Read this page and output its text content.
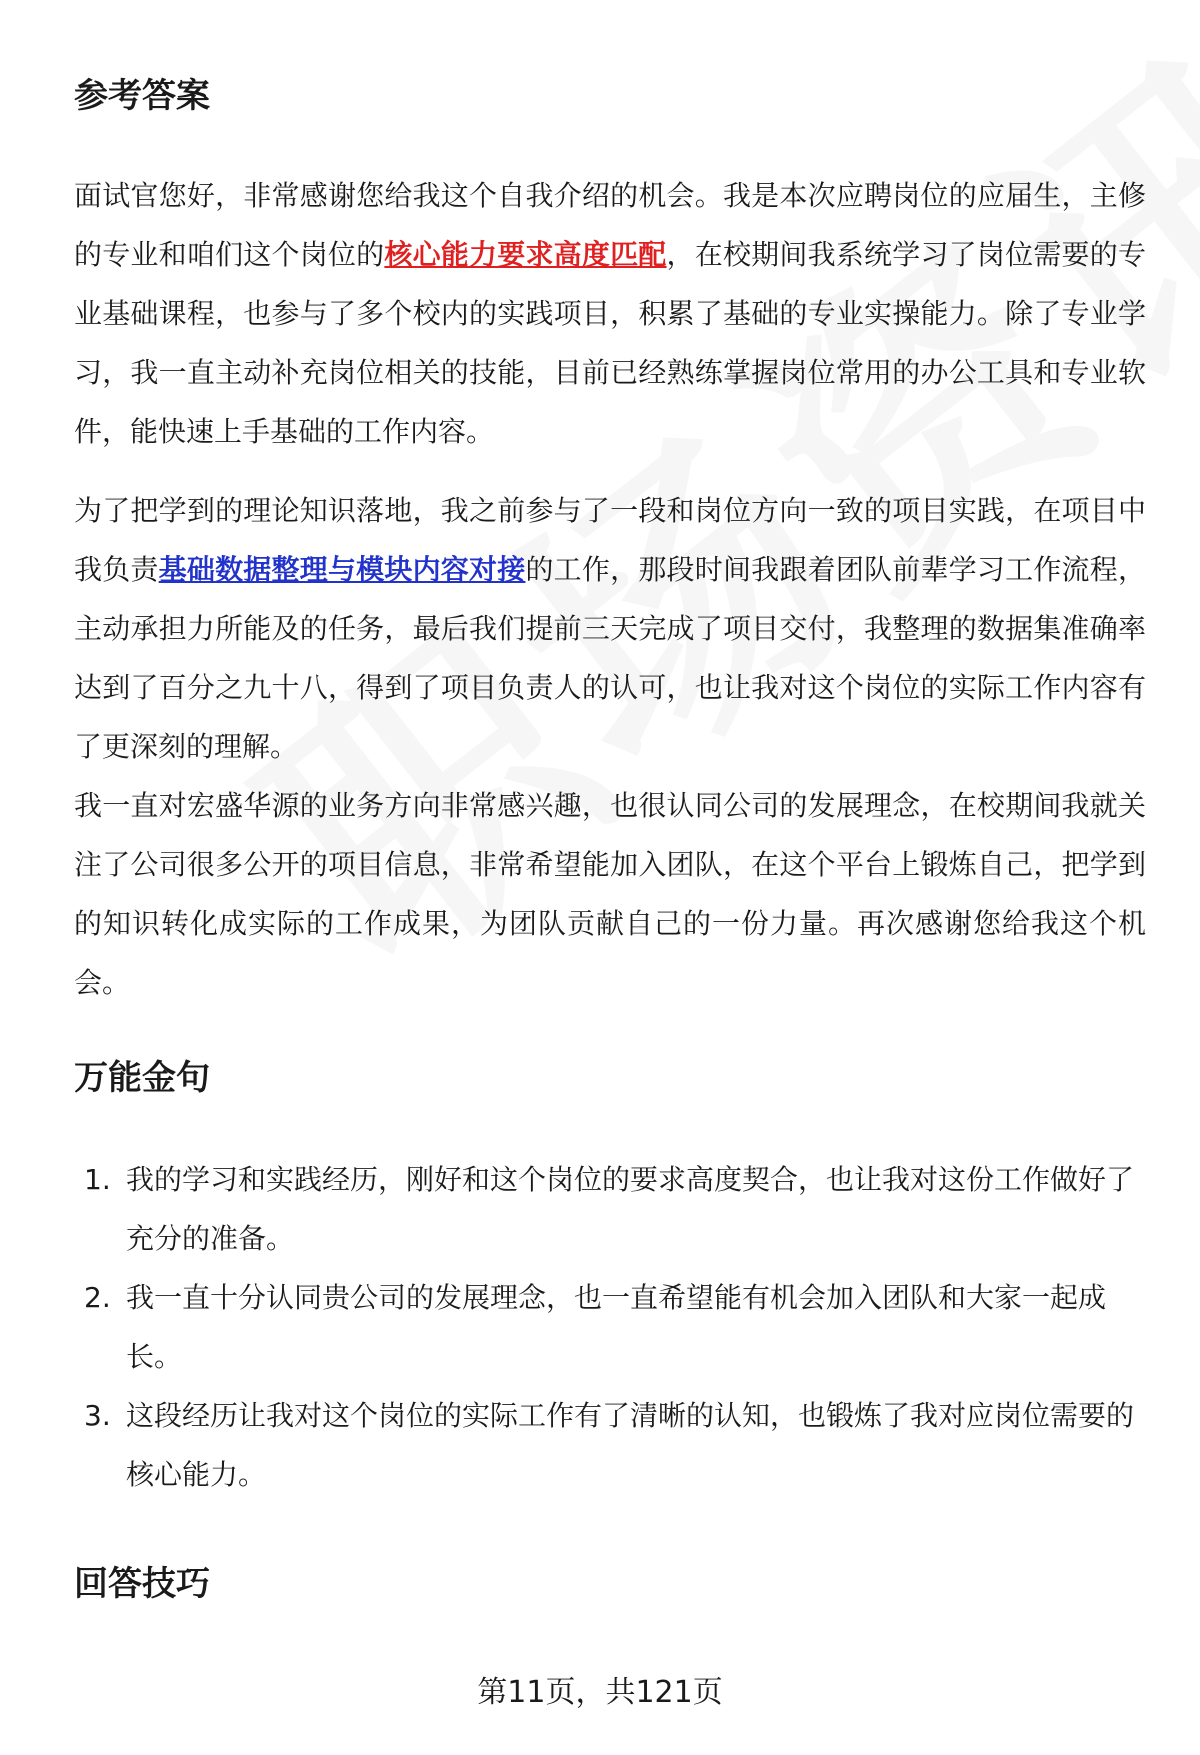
参考答案

面试官您好，非常感谢您给我这个自我介绍的机会。我是本次应聘岗位的应届生，主修的专业和咱们这个岗位的核心能力要求高度匹配，在校期间我系统学习了岗位需要的专业基础课程，也参与了多个校内的实践项目，积累了基础的专业实操能力。除了专业学习，我一直主动补充岗位相关的技能，目前已经熟练掌握岗位常用的办公工具和专业软件，能快速上手基础的工作内容。

为了把学到的理论知识落地，我之前参与了一段和岗位方向一致的项目实践，在项目中我负责基础数据整理与模块内容对接的工作，那段时间我跟着团队前辈学习工作流程，主动承担力所能及的任务，最后我们提前三天完成了项目交付，我整理的数据集准确率达到了百分之九十八，得到了项目负责人的认可，也让我对这个岗位的实际工作内容有了更深刻的理解。

我一直对宏盛华源的业务方向非常感兴趣，也很认同公司的发展理念，在校期间我就关注了公司很多公开的项目信息，非常希望能加入团队，在这个平台上锻炼自己，把学到的知识转化成实际的工作成果，为团队贡献自己的一份力量。再次感谢您给我这个机会。

万能金句
1. 我的学习和实践经历，刚好和这个岗位的要求高度契合，也让我对这份工作做好了充分的准备。
2. 我一直十分认同贵公司的发展理念，也一直希望能有机会加入团队和大家一起成长。
3. 这段经历让我对这个岗位的实际工作有了清晰的认知，也锻炼了我对应岗位需要的核心能力。
回答技巧
第11页，共121页
